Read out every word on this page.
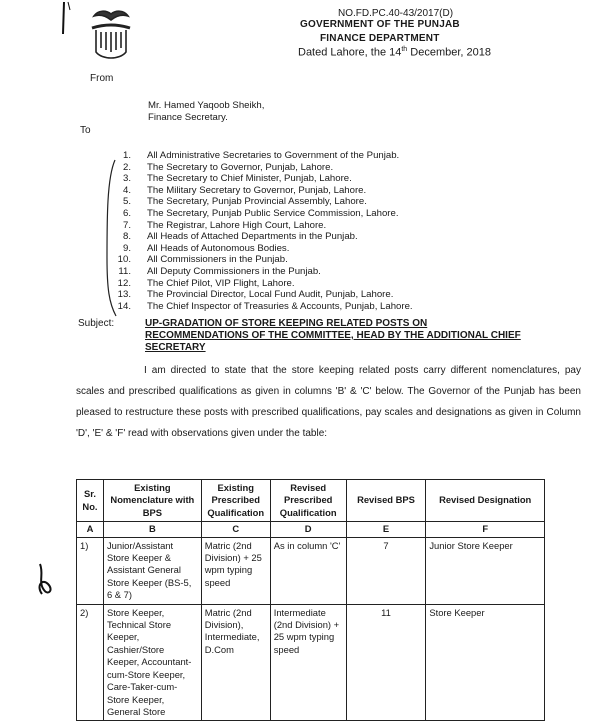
NO.FD.PC.40-43/2017(D)
GOVERNMENT OF THE PUNJAB
FINANCE DEPARTMENT
Dated Lahore, the 14th December, 2018
From
Mr. Hamed Yaqoob Sheikh,
Finance Secretary.
To
1. All Administrative Secretaries to Government of the Punjab.
2. The Secretary to Governor, Punjab, Lahore.
3. The Secretary to Chief Minister, Punjab, Lahore.
4. The Military Secretary to Governor, Punjab, Lahore.
5. The Secretary, Punjab Provincial Assembly, Lahore.
6. The Secretary, Punjab Public Service Commission, Lahore.
7. The Registrar, Lahore High Court, Lahore.
8. All Heads of Attached Departments in the Punjab.
9. All Heads of Autonomous Bodies.
10. All Commissioners in the Punjab.
11. All Deputy Commissioners in the Punjab.
12. The Chief Pilot, VIP Flight, Lahore.
13. The Provincial Director, Local Fund Audit, Punjab, Lahore.
14. The Chief Inspector of Treasuries & Accounts, Punjab, Lahore.
Subject:	UP-GRADATION OF STORE KEEPING RELATED POSTS ON
RECOMMENDATIONS OF THE COMMITTEE, HEAD BY THE ADDITIONAL CHIEF
SECRETARY
I am directed to state that the store keeping related posts carry different nomenclatures, pay scales and prescribed qualifications as given in columns 'B' & 'C' below. The Governor of the Punjab has been pleased to restructure these posts with prescribed qualifications, pay scales and designations as given in Column 'D', 'E' & 'F' read with observations given under the table:
Sr. No.	Existing Nomenclature with BPS	Existing Prescribed Qualification	Revised Prescribed Qualification	Revised BPS	Revised Designation
A	B	C	D	E	F
1)	Junior/Assistant Store Keeper & Assistant General Store Keeper (BS-5, 6 & 7)	Matric (2nd Division) + 25 wpm typing speed	As in column 'C'	7	Junior Store Keeper
2)	Store Keeper, Technical Store Keeper, Cashier/Store Keeper, Accountant-cum-Store Keeper, Care-Taker-cum-Store Keeper, General Store	Matric (2nd Division), Intermediate, D.Com	Intermediate (2nd Division) + 25 wpm typing speed	11	Store Keeper
